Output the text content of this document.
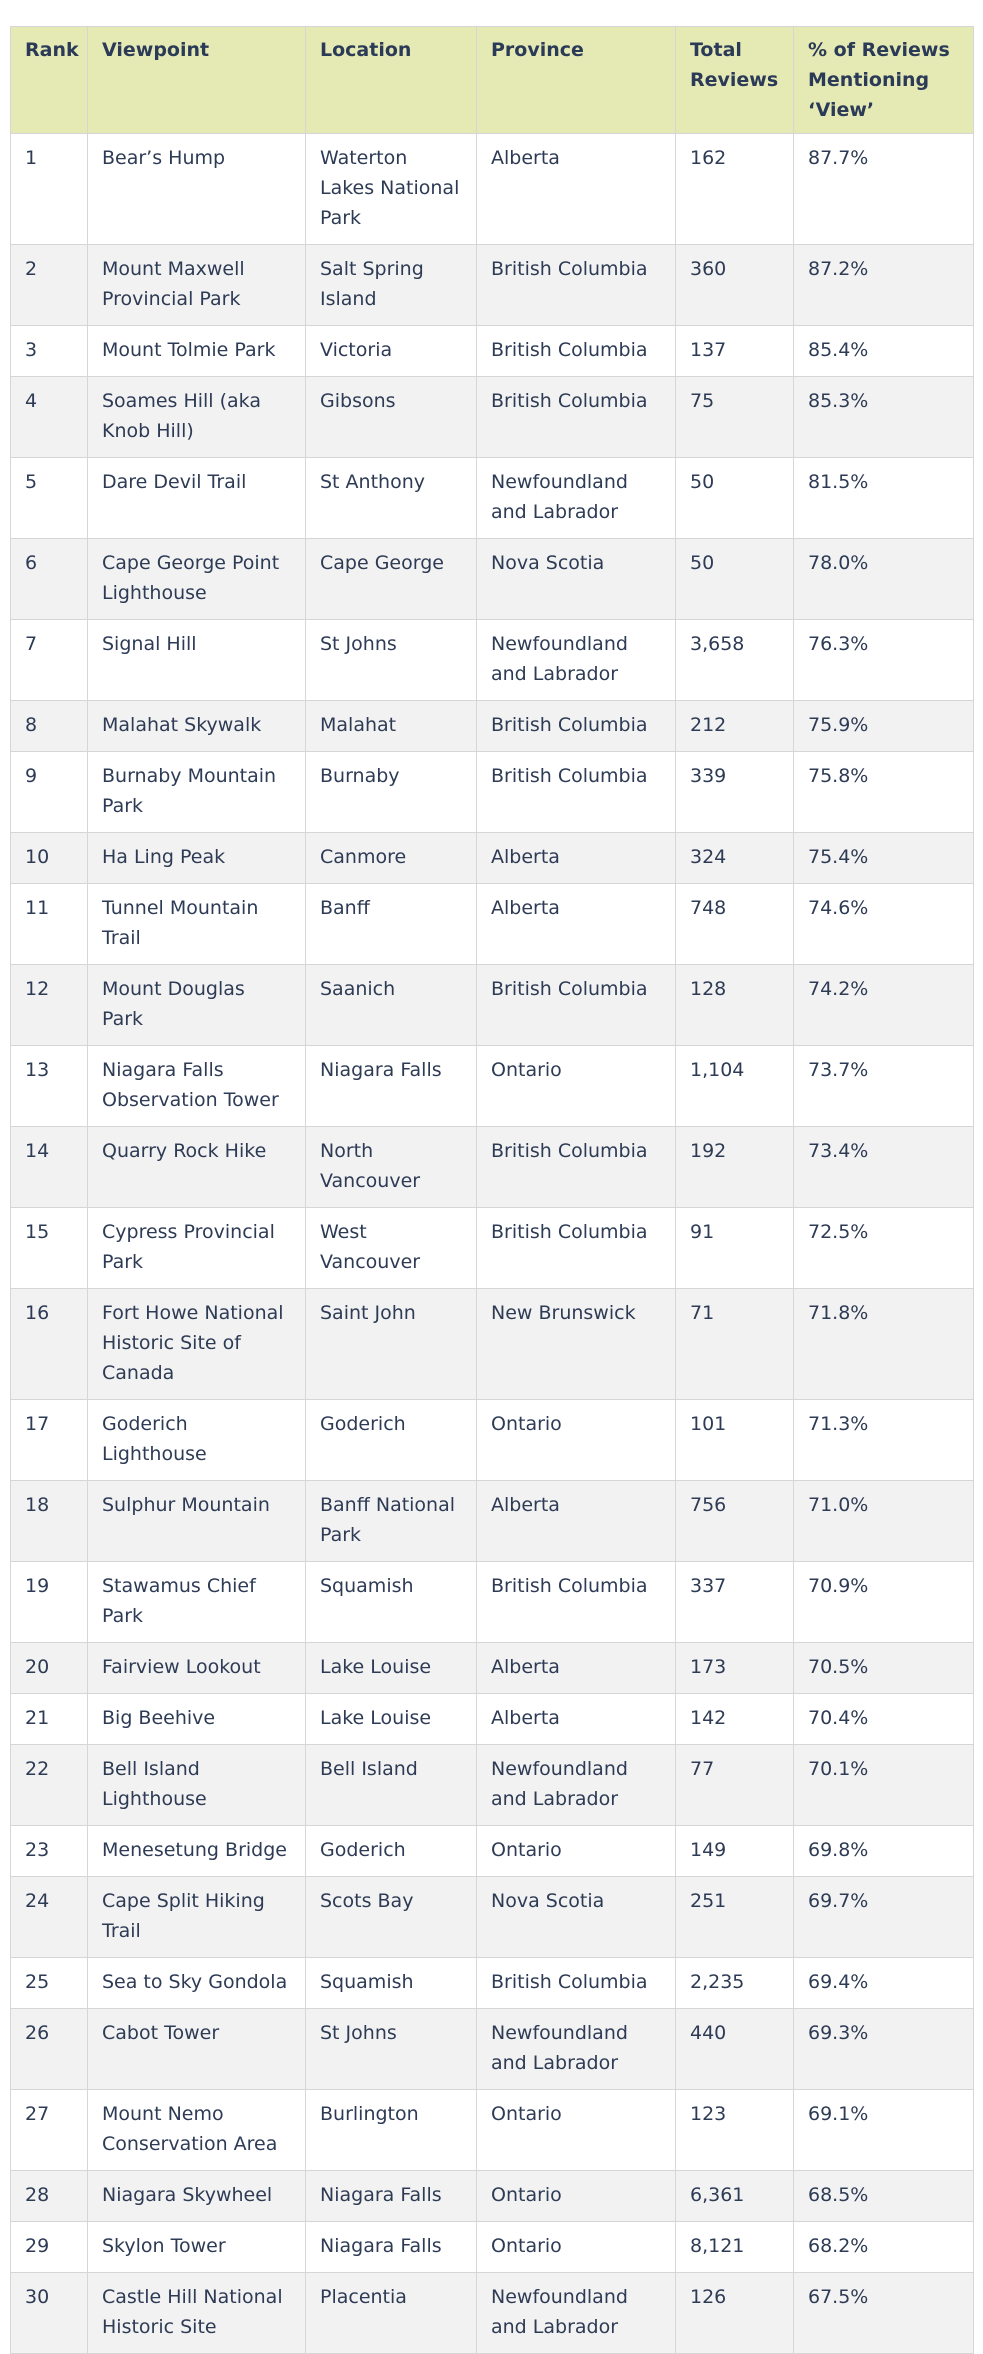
Rank	Viewpoint	Location	Province	Total Reviews	% of Reviews Mentioning ‘View’
1	Bear’s Hump	Waterton Lakes National Park	Alberta	162	87.7%
2	Mount Maxwell Provincial Park	Salt Spring Island	British Columbia	360	87.2%
3	Mount Tolmie Park	Victoria	British Columbia	137	85.4%
4	Soames Hill (aka Knob Hill)	Gibsons	British Columbia	75	85.3%
5	Dare Devil Trail	St Anthony	Newfoundland and Labrador	50	81.5%
6	Cape George Point Lighthouse	Cape George	Nova Scotia	50	78.0%
7	Signal Hill	St Johns	Newfoundland and Labrador	3,658	76.3%
8	Malahat Skywalk	Malahat	British Columbia	212	75.9%
9	Burnaby Mountain Park	Burnaby	British Columbia	339	75.8%
10	Ha Ling Peak	Canmore	Alberta	324	75.4%
11	Tunnel Mountain Trail	Banff	Alberta	748	74.6%
12	Mount Douglas Park	Saanich	British Columbia	128	74.2%
13	Niagara Falls Observation Tower	Niagara Falls	Ontario	1,104	73.7%
14	Quarry Rock Hike	North Vancouver	British Columbia	192	73.4%
15	Cypress Provincial Park	West Vancouver	British Columbia	91	72.5%
16	Fort Howe National Historic Site of Canada	Saint John	New Brunswick	71	71.8%
17	Goderich Lighthouse	Goderich	Ontario	101	71.3%
18	Sulphur Mountain	Banff National Park	Alberta	756	71.0%
19	Stawamus Chief Park	Squamish	British Columbia	337	70.9%
20	Fairview Lookout	Lake Louise	Alberta	173	70.5%
21	Big Beehive	Lake Louise	Alberta	142	70.4%
22	Bell Island Lighthouse	Bell Island	Newfoundland and Labrador	77	70.1%
23	Menesetung Bridge	Goderich	Ontario	149	69.8%
24	Cape Split Hiking Trail	Scots Bay	Nova Scotia	251	69.7%
25	Sea to Sky Gondola	Squamish	British Columbia	2,235	69.4%
26	Cabot Tower	St Johns	Newfoundland and Labrador	440	69.3%
27	Mount Nemo Conservation Area	Burlington	Ontario	123	69.1%
28	Niagara Skywheel	Niagara Falls	Ontario	6,361	68.5%
29	Skylon Tower	Niagara Falls	Ontario	8,121	68.2%
30	Castle Hill National Historic Site	Placentia	Newfoundland and Labrador	126	67.5%
